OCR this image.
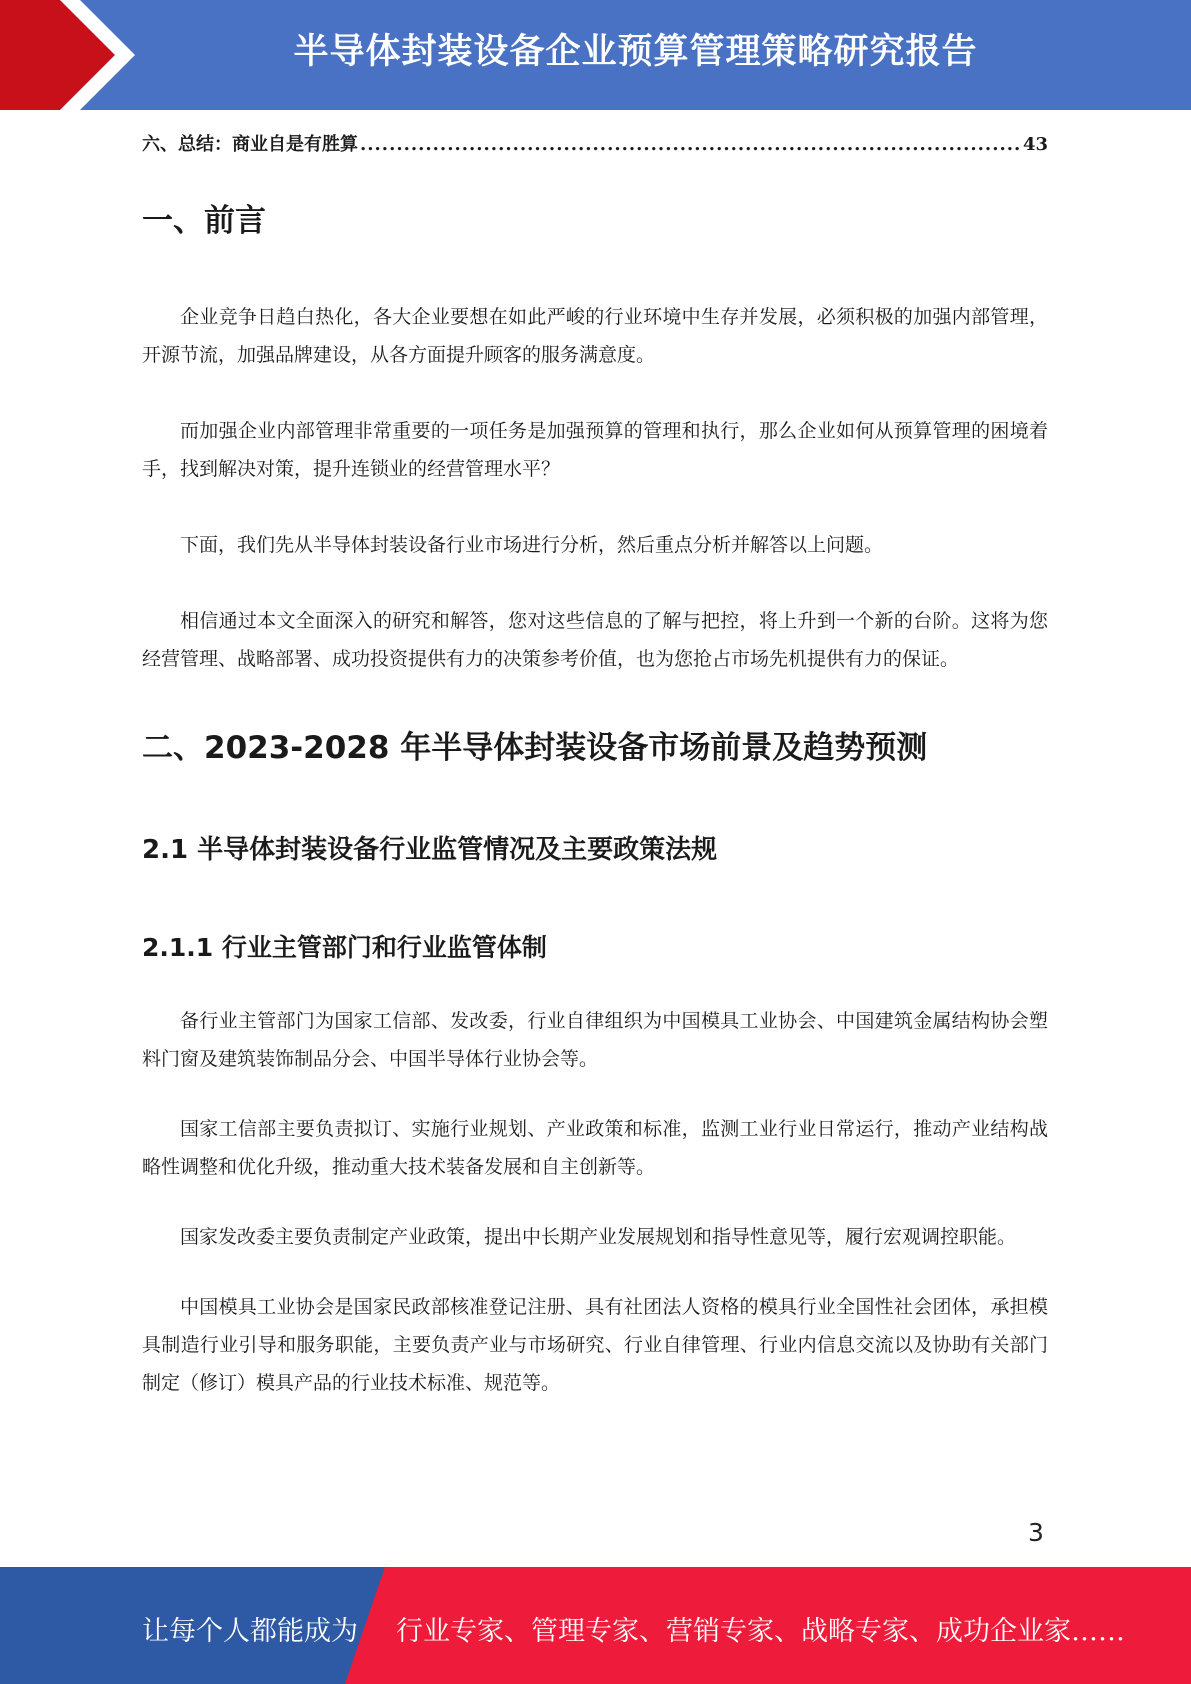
半导体封装设备企业预算管理策略研究报告
六、总结：商业自是有胜算
.....	43
一、前言

企业竞争日趋白热化，各大企业要想在如此严峻的行业环境中生存并发展，必须积极的加强内部管理，开源节流，加强品牌建设，从各方面提升顾客的服务满意度。

而加强企业内部管理非常重要的一项任务是加强预算的管理和执行，那么企业如何从预算管理的困境着手，找到解决对策，提升连锁业的经营管理水平？

下面，我们先从半导体封装设备行业市场进行分析，然后重点分析并解答以上问题。

相信通过本文全面深入的研究和解答，您对这些信息的了解与把控，将上升到一个新的台阶。这将为您经营管理、战略部署、成功投资提供有力的决策参考价值，也为您抢占市场先机提供有力的保证。

二、2023-2028 年半导体封装设备市场前景及趋势预测
2.1 半导体封装设备行业监管情况及主要政策法规
2.1.1 行业主管部门和行业监管体制

备行业主管部门为国家工信部、发改委，行业自律组织为中国模具工业协会、中国建筑金属结构协会塑料门窗及建筑装饰制品分会、中国半导体行业协会等。

国家工信部主要负责拟订、实施行业规划、产业政策和标准，监测工业行业日常运行，推动产业结构战略性调整和优化升级，推动重大技术装备发展和自主创新等。

国家发改委主要负责制定产业政策，提出中长期产业发展规划和指导性意见等，履行宏观调控职能。

中国模具工业协会是国家民政部核准登记注册、具有社团法人资格的模具行业全国性社会团体，承担模具制造行业引导和服务职能，主要负责产业与市场研究、行业自律管理、行业内信息交流以及协助有关部门制定（修订）模具产品的行业技术标准、规范等。

3
让每个人都能成为 行业专家、管理专家、营销专家、战略专家、成功企业家……
